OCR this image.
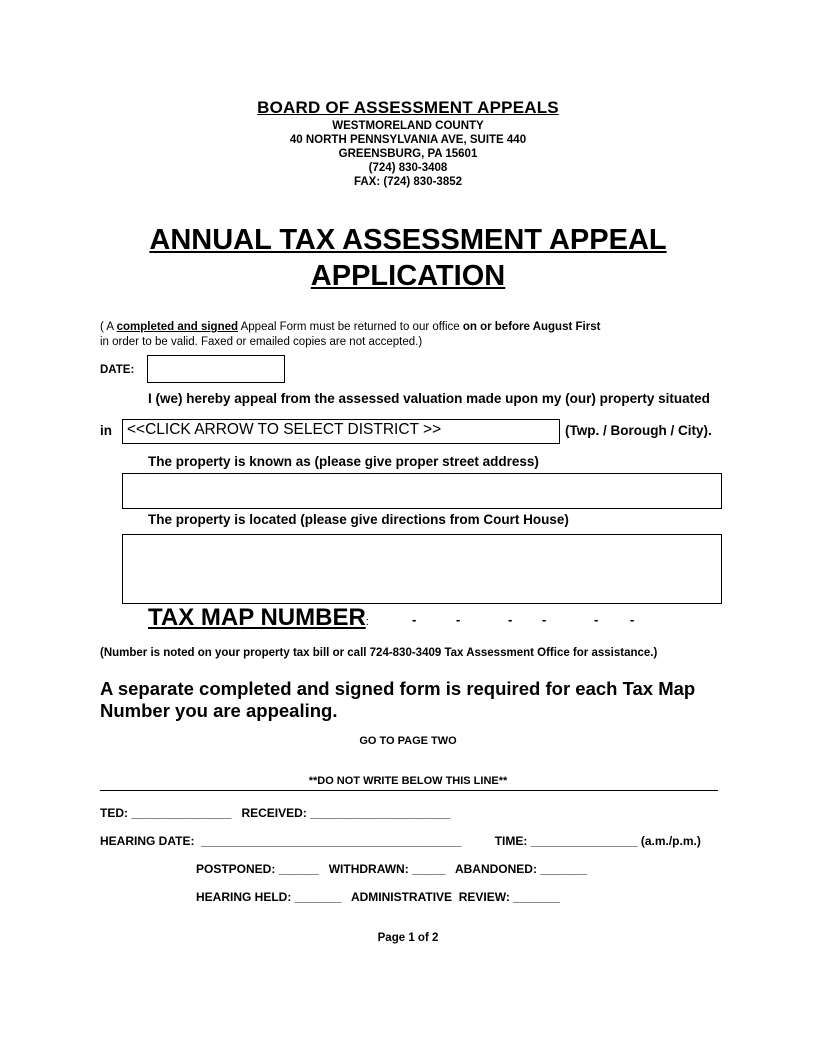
BOARD OF ASSESSMENT APPEALS
WESTMORELAND COUNTY
40 NORTH PENNSYLVANIA AVE, SUITE 440
GREENSBURG, PA 15601
(724) 830-3408
FAX: (724) 830-3852
ANNUAL TAX ASSESSMENT APPEAL
APPLICATION
( A completed and signed Appeal Form must be returned to our office on or before August First
in order to be valid. Faxed or emailed copies are not accepted.)
DATE:
I (we) hereby appeal from the assessed valuation made upon my (our) property situated
in <<CLICK ARROW TO SELECT DISTRICT >>	(Twp. / Borough / City).
The property is known as (please give proper street address)
The property is located (please give directions from Court House)
TAX MAP NUMBER:	-	-	- -	- -
(Number is noted on your property tax bill or call 724-830-3409 Tax Assessment Office for assistance.)
A separate completed and signed form is required for each Tax Map Number you are appealing.
GO TO PAGE TWO
**DO NOT WRITE BELOW THIS LINE**
TED: _______________   RECEIVED: _____________________
HEARING DATE:  _______________________________________          TIME: ________________ (a.m./p.m.)
POSTPONED: ______   WITHDRAWN: _____   ABANDONED: _______
HEARING HELD: _______   ADMINISTRATIVE  REVIEW: _______
Page 1 of 2
